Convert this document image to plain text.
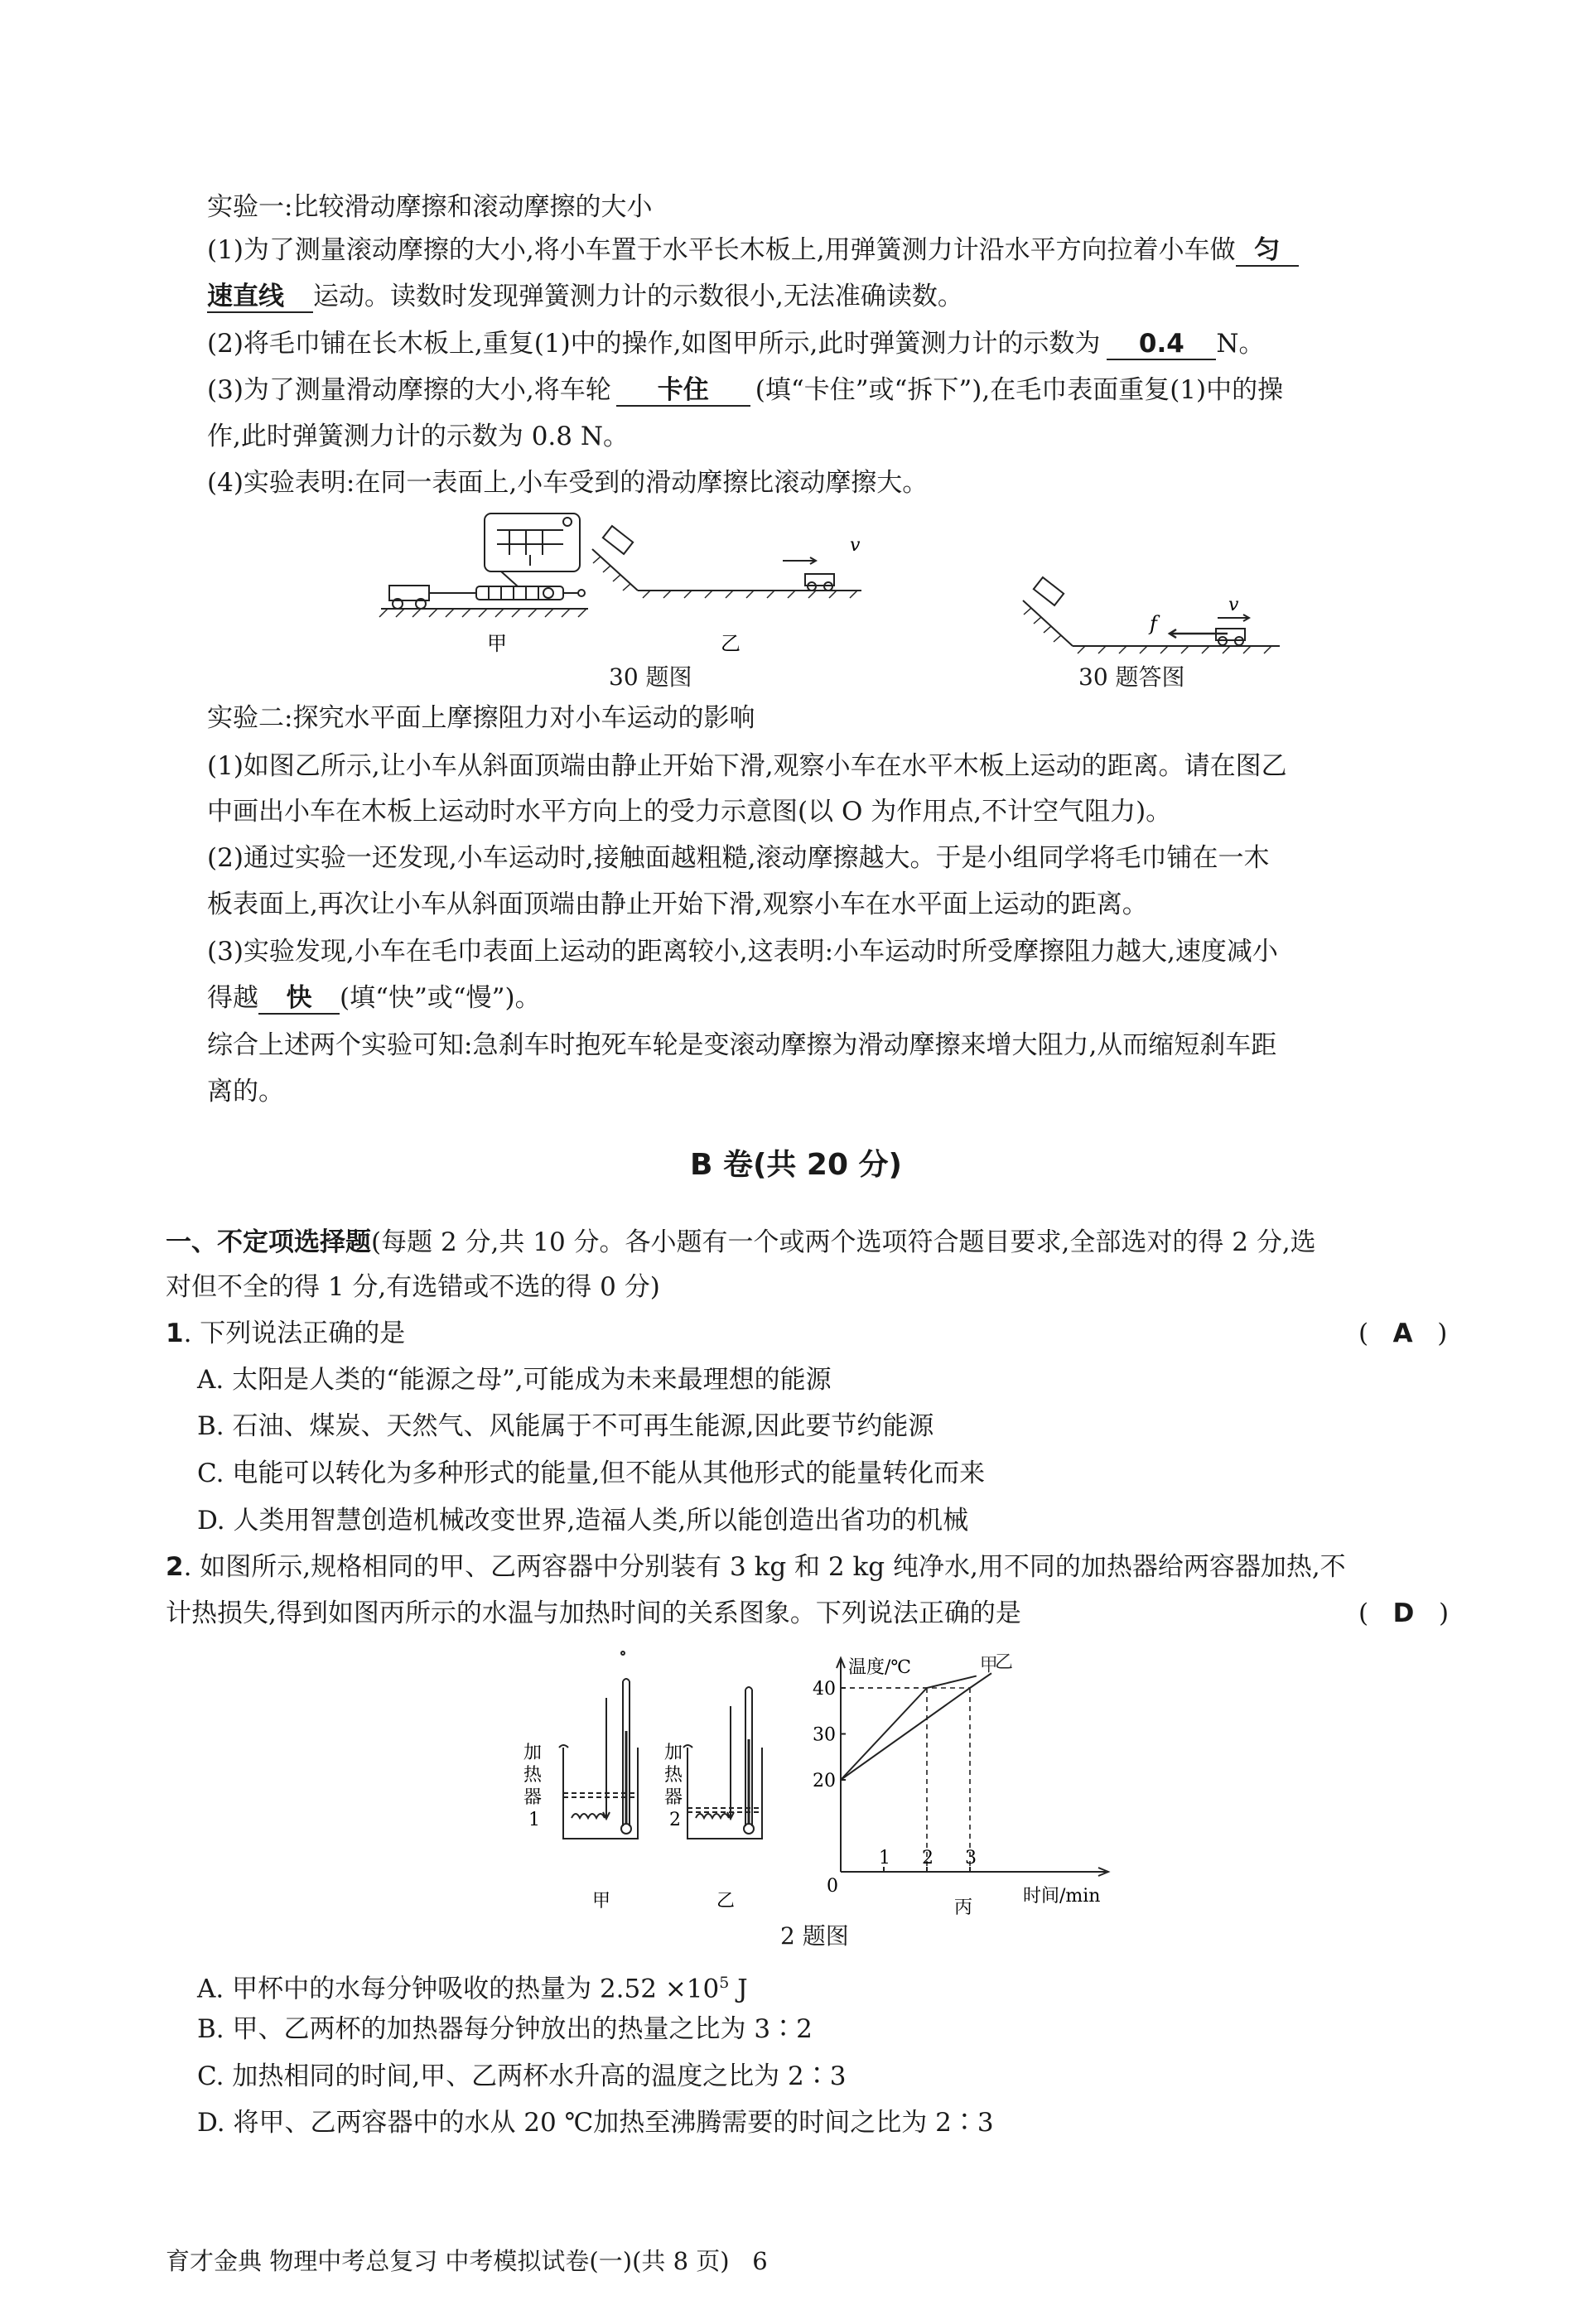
实验一:比较滑动摩擦和滚动摩擦的大小
(1)为了测量滚动摩擦的大小,将小车置于水平长木板上,用弹簧测力计沿水平方向拉着小车做 匀
速直线 运动。读数时发现弹簧测力计的示数很小,无法准确读数。
(2)将毛巾铺在长木板上,重复(1)中的操作,如图甲所示,此时弹簧测力计的示数为 0.4 N。
(3)为了测量滑动摩擦的大小,将车轮 卡住 (填“卡住”或“拆下”),在毛巾表面重复(1)中的操
作,此时弹簧测力计的示数为 0.8 N。
(4)实验表明:在同一表面上,小车受到的滑动摩擦比滚动摩擦大。
v
v
f
甲	乙
30 题图	30 题答图
实验二:探究水平面上摩擦阻力对小车运动的影响
(1)如图乙所示,让小车从斜面顶端由静止开始下滑,观察小车在水平木板上运动的距离。请在图乙
中画出小车在木板上运动时水平方向上的受力示意图(以 O 为作用点,不计空气阻力)。
(2)通过实验一还发现,小车运动时,接触面越粗糙,滚动摩擦越大。于是小组同学将毛巾铺在一木
板表面上,再次让小车从斜面顶端由静止开始下滑,观察小车在水平面上运动的距离。
(3)实验发现,小车在毛巾表面上运动的距离较小,这表明:小车运动时所受摩擦阻力越大,速度减小
得越 快 (填“快”或“慢”)。
综合上述两个实验可知:急刹车时抱死车轮是变滚动摩擦为滑动摩擦来增大阻力,从而缩短刹车距
离的。
B 卷(共 20 分)
一、不定项选择题(每题 2 分,共 10 分。各小题有一个或两个选项符合题目要求,全部选对的得 2 分,选
对但不全的得 1 分,有选错或不选的得 0 分)
1. 下列说法正确的是	(   A   )
A. 太阳是人类的“能源之母”,可能成为未来最理想的能源
B. 石油、煤炭、天然气、风能属于不可再生能源,因此要节约能源
C. 电能可以转化为多种形式的能量,但不能从其他形式的能量转化而来
D. 人类用智慧创造机械改变世界,造福人类,所以能创造出省功的机械
2. 如图所示,规格相同的甲、乙两容器中分别装有 3 kg 和 2 kg 纯净水,用不同的加热器给两容器加热,不
计热损失,得到如图丙所示的水温与加热时间的关系图象。下列说法正确的是	(   D   )
加
热
器
1
加
热
器
2
甲	乙
甲
乙
1 2 3
20
30
40
温度/℃
时间/min
0
丙
2 题图
A. 甲杯中的水每分钟吸收的热量为 $2.52 \times 10^5$ J
B. 甲、乙两杯的加热器每分钟放出的热量之比为 3∶2
C. 加热相同的时间,甲、乙两杯水升高的温度之比为 2∶3
D. 将甲、乙两容器中的水从 20 ℃加热至沸腾需要的时间之比为 2∶3
育才金典 物理中考总复习 中考模拟试卷(一)(共 8 页) 6
